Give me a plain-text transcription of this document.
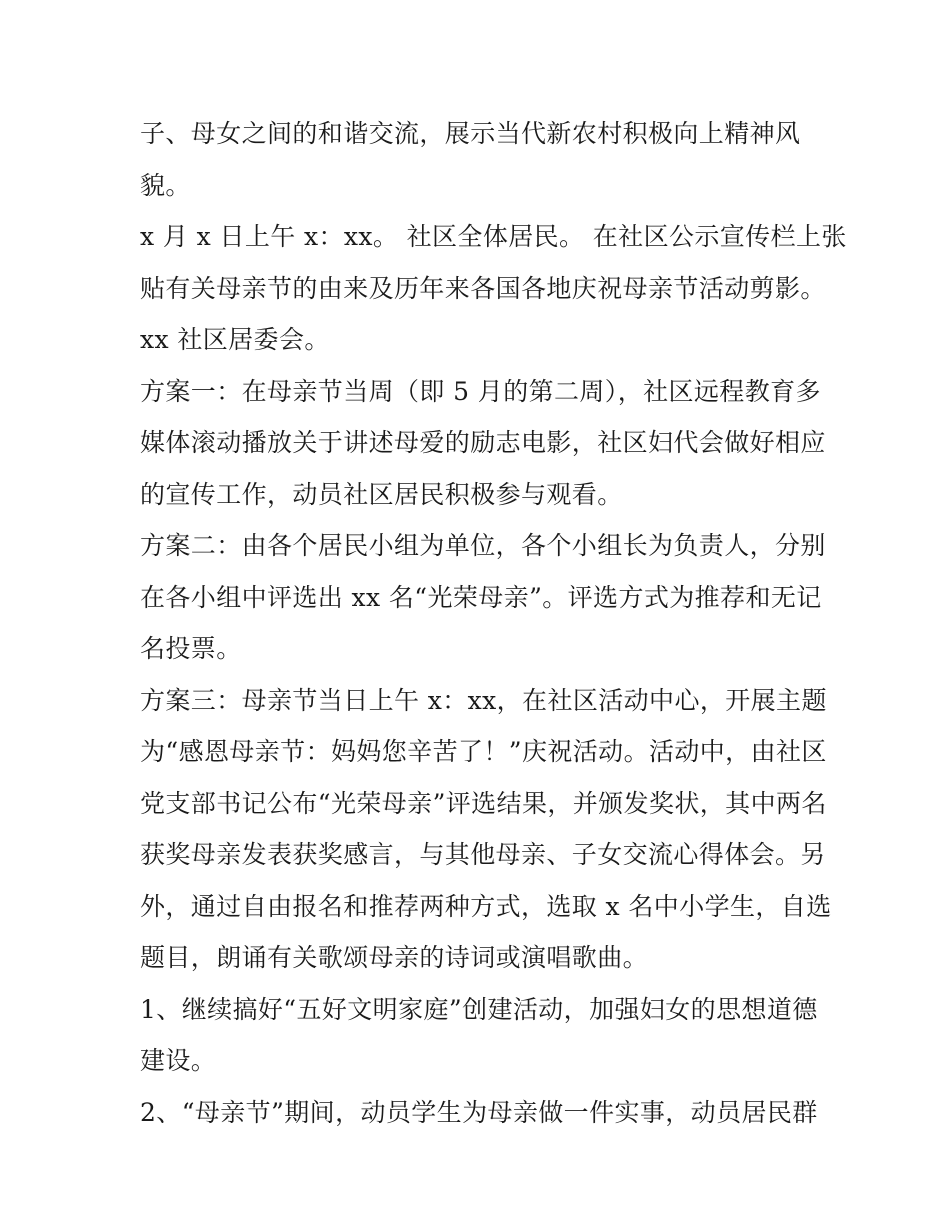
子、母女之间的和谐交流，展示当代新农村积极向上精神风
貌。
x 月 x 日上午 x：xx。 社区全体居民。 在社区公示宣传栏上张
贴有关母亲节的由来及历年来各国各地庆祝母亲节活动剪影。
xx 社区居委会。
方案一：在母亲节当周（即 5 月的第二周），社区远程教育多
媒体滚动播放关于讲述母爱的励志电影，社区妇代会做好相应
的宣传工作，动员社区居民积极参与观看。
方案二：由各个居民小组为单位，各个小组长为负责人，分别
在各小组中评选出 xx 名“光荣母亲”。评选方式为推荐和无记
名投票。
方案三：母亲节当日上午 x：xx，在社区活动中心，开展主题
为“感恩母亲节：妈妈您辛苦了！”庆祝活动。活动中，由社区
党支部书记公布“光荣母亲”评选结果，并颁发奖状，其中两名
获奖母亲发表获奖感言，与其他母亲、子女交流心得体会。另
外，通过自由报名和推荐两种方式，选取 x 名中小学生，自选
题目，朗诵有关歌颂母亲的诗词或演唱歌曲。
1、继续搞好“五好文明家庭”创建活动，加强妇女的思想道德
建设。
2、“母亲节”期间，动员学生为母亲做一件实事，动员居民群
